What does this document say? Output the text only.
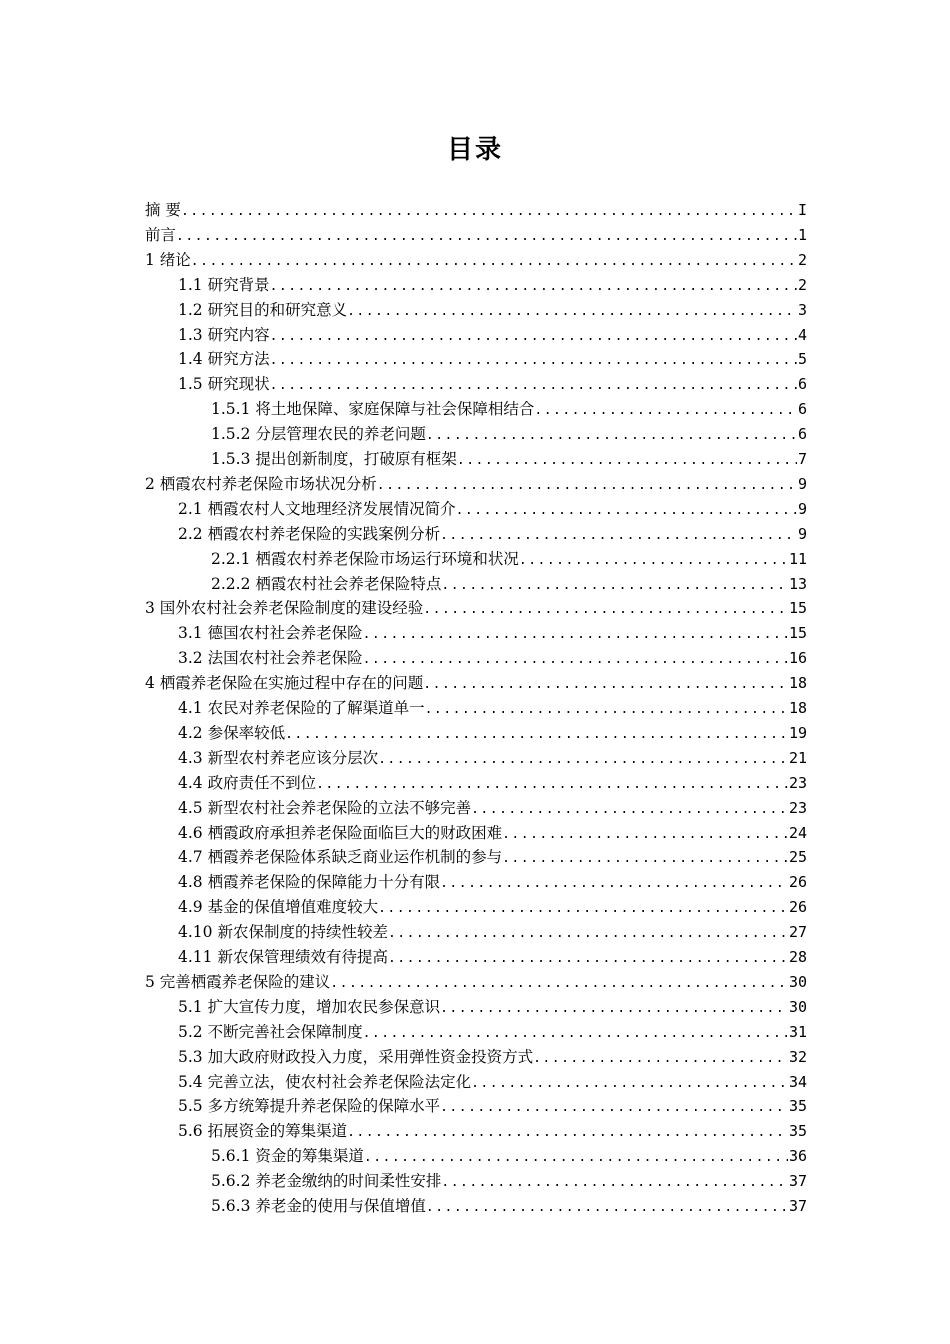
目录
摘 要 .....	I
前言 .....	1
1 绪论 .....	2
1.1 研究背景 .....	2
1.2 研究目的和研究意义 .....	3
1.3 研究内容 .....	4
1.4 研究方法 .....	5
1.5 研究现状 .....	6
1.5.1 将土地保障、家庭保障与社会保障相结合 .....	6
1.5.2 分层管理农民的养老问题 .....	6
1.5.3 提出创新制度，打破原有框架 .....	7
2 栖霞农村养老保险市场状况分析 .....	9
2.1 栖霞农村人文地理经济发展情况简介 .....	9
2.2 栖霞农村养老保险的实践案例分析 .....	9
2.2.1 栖霞农村养老保险市场运行环境和状况 .....	11
2.2.2 栖霞农村社会养老保险特点 .....	13
3 国外农村社会养老保险制度的建设经验 .....	15
3.1 德国农村社会养老保险 .....	15
3.2 法国农村社会养老保险 .....	16
4 栖霞养老保险在实施过程中存在的问题 .....	18
4.1 农民对养老保险的了解渠道单一 .....	18
4.2 参保率较低 .....	19
4.3 新型农村养老应该分层次 .....	21
4.4 政府责任不到位 .....	23
4.5 新型农村社会养老保险的立法不够完善 .....	23
4.6 栖霞政府承担养老保险面临巨大的财政困难 .....	24
4.7 栖霞养老保险体系缺乏商业运作机制的参与 .....	25
4.8 栖霞养老保险的保障能力十分有限 .....	26
4.9 基金的保值增值难度较大 .....	26
4.10 新农保制度的持续性较差 .....	27
4.11 新农保管理绩效有待提高 .....	28
5 完善栖霞养老保险的建议 .....	30
5.1 扩大宣传力度，增加农民参保意识 .....	30
5.2 不断完善社会保障制度 .....	31
5.3 加大政府财政投入力度，采用弹性资金投资方式 .....	32
5.4 完善立法，使农村社会养老保险法定化 .....	34
5.5 多方统筹提升养老保险的保障水平 .....	35
5.6 拓展资金的筹集渠道 .....	35
5.6.1 资金的筹集渠道 .....	36
5.6.2 养老金缴纳的时间柔性安排 .....	37
5.6.3 养老金的使用与保值增值 .....	37
